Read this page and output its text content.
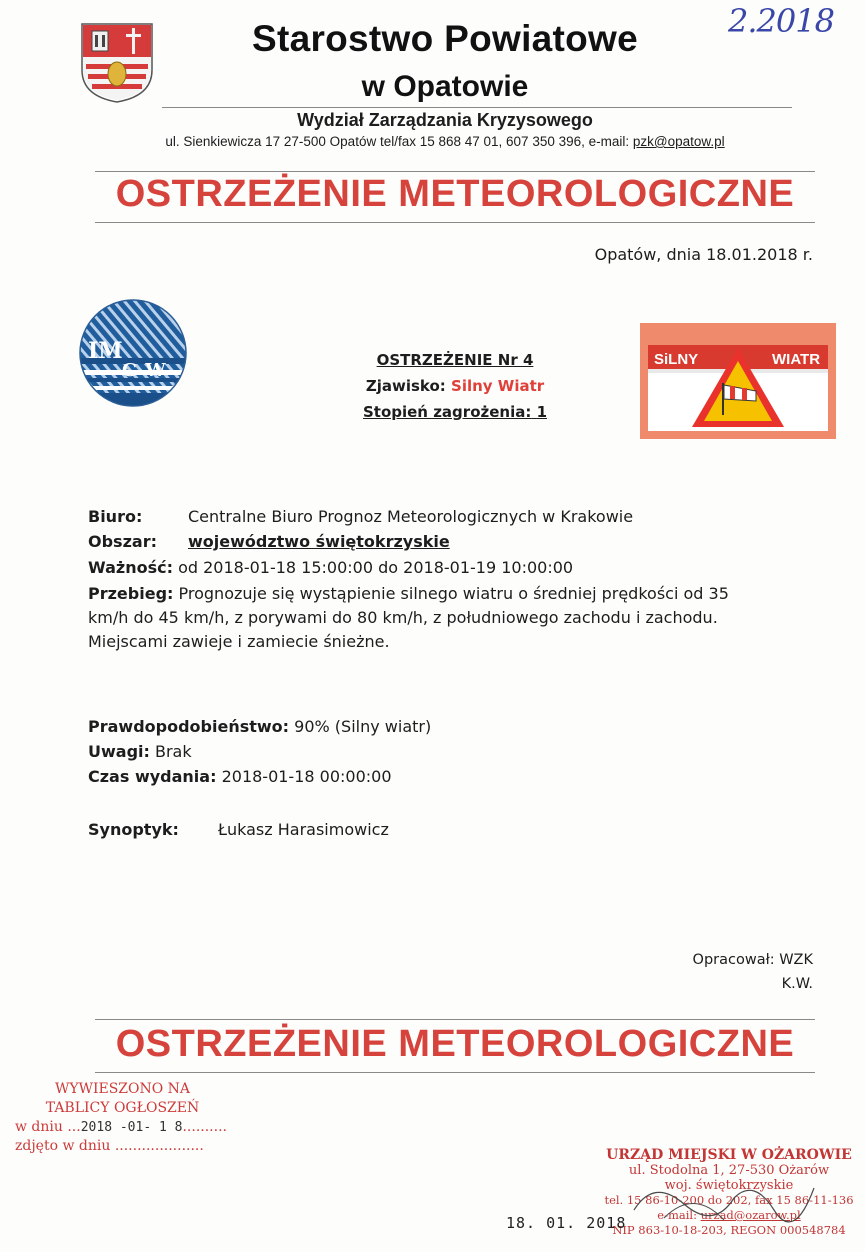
Starostwo Powiatowe
w Opatowie
2.2018
Wydział Zarządzania Kryzysowego
ul. Sienkiewicza 17 27-500 Opatów tel/fax 15 868 47 01, 607 350 396, e-mail: pzk@opatow.pl
OSTRZEŻENIE METEOROLOGICZNE
Opatów, dnia 18.01.2018 r.
IM
GW	OSTRZEŻENIE Nr 4
Zjawisko: Silny Wiatr
Stopień zagrożenia: 1
SiLNY	WIATR
Biuro:	Centralne Biuro Prognoz Meteorologicznych w Krakowie
Obszar: województwo świętokrzyskie
Ważność: od 2018-01-18 15:00:00 do 2018-01-19 10:00:00
Przebieg: Prognozuje się wystąpienie silnego wiatru o średniej prędkości od 35
km/h do 45 km/h, z porywami do 80 km/h, z południowego zachodu i zachodu.
Miejscami zawieje i zamiecie śnieżne.
Prawdopodobieństwo: 90% (Silny wiatr)
Uwagi: Brak
Czas wydania: 2018-01-18 00:00:00
Synoptyk: Łukasz Harasimowicz
Opracował: WZK
K.W.
OSTRZEŻENIE METEOROLOGICZNE
WYWIESZONO NA
TABLICY OGŁOSZEŃ
w dniu ...2018 -01- 1 8..........
zdjęto w dniu ....................
URZĄD MIEJSKI W OŻAROWIE
ul. Stodolna 1, 27-530 Ożarów
woj. świętokrzyskie
tel. 15 86-10-200 do 202, fax 15 86-11-136
e-mail: urzad@ozarow.pl
NIP 863-10-18-203, REGON 000548784
18. 01. 2018
